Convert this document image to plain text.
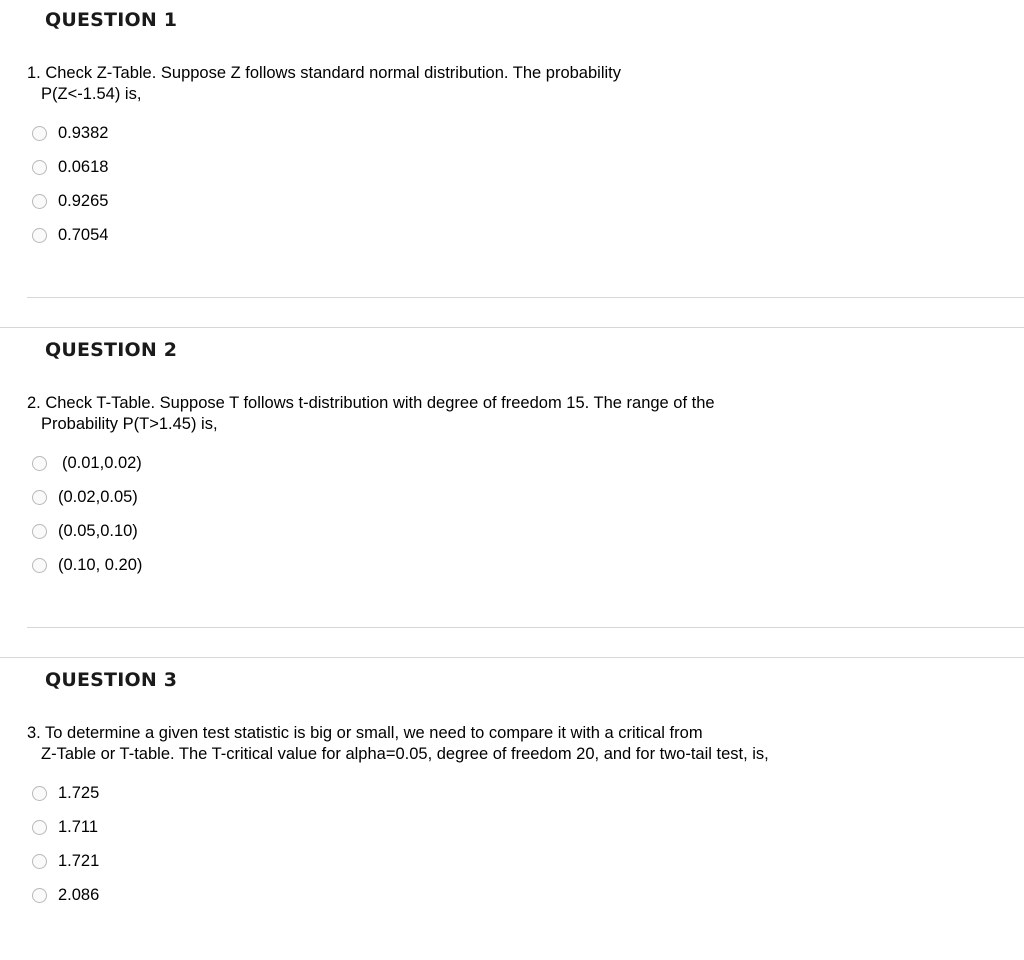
QUESTION 1
1. Check Z-Table. Suppose Z follows standard normal distribution. The probability
P(Z<-1.54) is,
0.9382
0.0618
0.9265
0.7054
QUESTION 2
2. Check T-Table. Suppose T follows t-distribution with degree of freedom 15. The range of the
Probability P(T>1.45) is,
(0.01,0.02)
(0.02,0.05)
(0.05,0.10)
(0.10, 0.20)
QUESTION 3
3. To determine a given test statistic is big or small, we need to compare it with a critical from
Z-Table or T-table. The T-critical value for alpha=0.05, degree of freedom 20, and for two-tail test, is,
1.725
1.711
1.721
2.086
